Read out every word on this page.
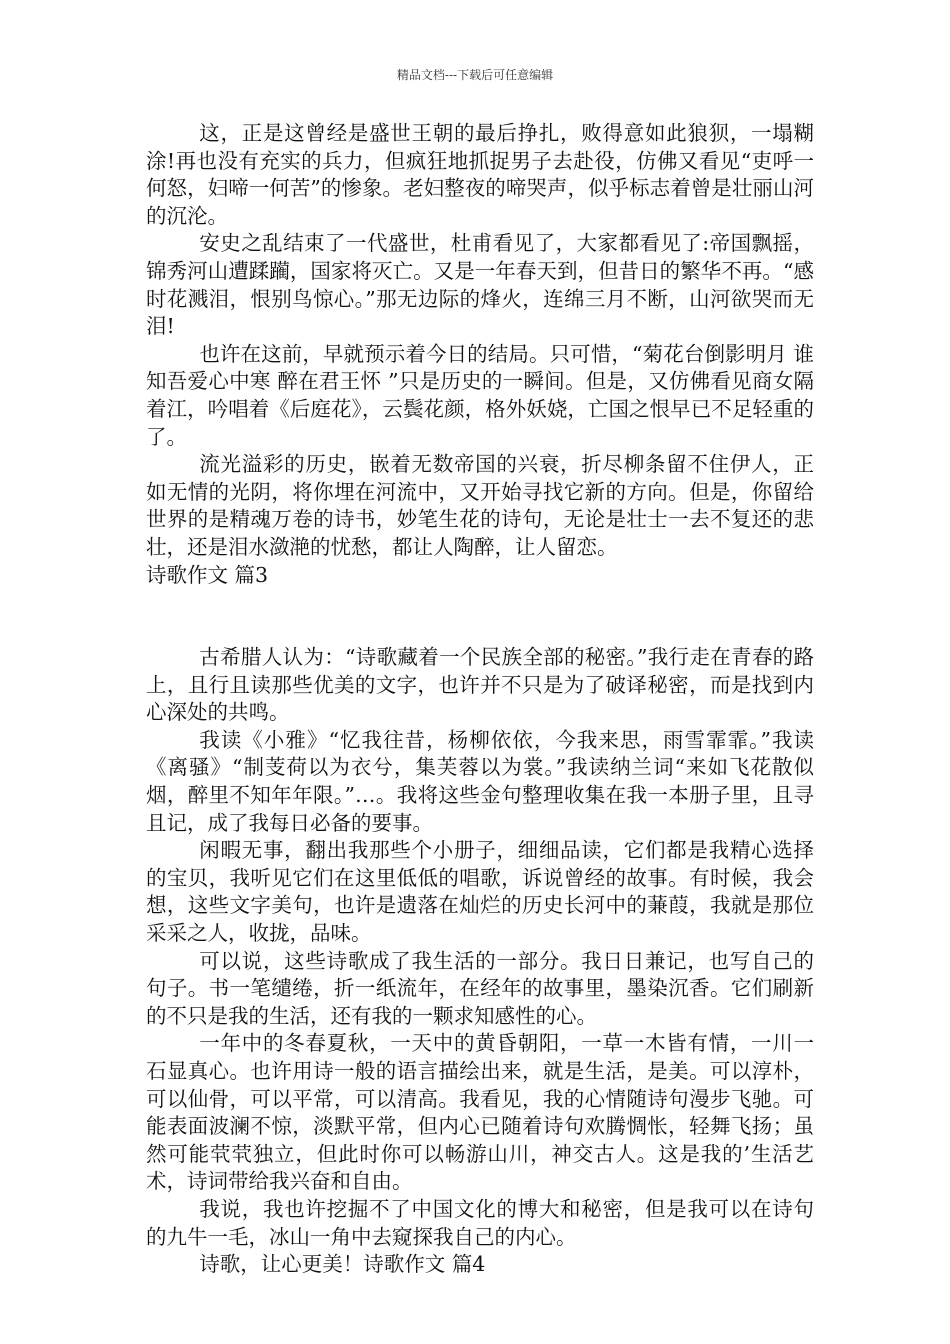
精品文档---下载后可任意编辑

这，正是这曾经是盛世王朝的最后挣扎，败得意如此狼狈，一塌糊涂!再也没有充实的兵力，但疯狂地抓捉男子去赴役，仿佛又看见“吏呼一何怒，妇啼一何苦”的惨象。老妇整夜的啼哭声，似乎标志着曾是壮丽山河的沉沦。

安史之乱结束了一代盛世，杜甫看见了，大家都看见了:帝国飘摇，锦秀河山遭蹂躏，国家将灭亡。又是一年春天到，但昔日的繁华不再。“感时花溅泪，恨别鸟惊心。”那无边际的烽火，连绵三月不断，山河欲哭而无泪!

也许在这前，早就预示着今日的结局。只可惜，“菊花台倒影明月 谁知吾爱心中寒 醉在君王怀 ”只是历史的一瞬间。但是，又仿佛看见商女隔着江，吟唱着《后庭花》，云鬓花颜，格外妖娆，亡国之恨早已不足轻重的了。

流光溢彩的历史，嵌着无数帝国的兴衰，折尽柳条留不住伊人，正如无情的光阴，将你埋在河流中，又开始寻找它新的方向。但是，你留给世界的是精魂万卷的诗书，妙笔生花的诗句，无论是壮士一去不复还的悲壮，还是泪水潋滟的忧愁，都让人陶醉，让人留恋。

诗歌作文 篇3

古希腊人认为：“诗歌藏着一个民族全部的秘密。”我行走在青春的路上，且行且读那些优美的文字，也许并不只是为了破译秘密，而是找到内心深处的共鸣。

我读《小雅》“忆我往昔，杨柳依依，今我来思，雨雪霏霏。”我读《离骚》“制芰荷以为衣兮，集芙蓉以为裳。”我读纳兰词“来如飞花散似烟，醉里不知年年限。”…。我将这些金句整理收集在我一本册子里，且寻且记，成了我每日必备的要事。

闲暇无事，翻出我那些个小册子，细细品读，它们都是我精心选择的宝贝，我听见它们在这里低低的唱歌，诉说曾经的故事。有时候，我会想，这些文字美句，也许是遗落在灿烂的历史长河中的蒹葭，我就是那位采采之人，收拢，品味。

可以说，这些诗歌成了我生活的一部分。我日日兼记，也写自己的句子。书一笔缱绻，折一纸流年，在经年的故事里，墨染沉香。它们刷新的不只是我的生活，还有我的一颗求知感性的心。

一年中的冬春夏秋，一天中的黄昏朝阳，一草一木皆有情，一川一石显真心。也许用诗一般的语言描绘出来，就是生活，是美。可以淳朴，可以仙骨，可以平常，可以清高。我看见，我的心情随诗句漫步飞驰。可能表面波澜不惊，淡默平常，但内心已随着诗句欢腾惆怅，轻舞飞扬；虽然可能茕茕独立，但此时你可以畅游山川，神交古人。这是我的’生活艺术，诗词带给我兴奋和自由。

我说，我也许挖掘不了中国文化的博大和秘密，但是我可以在诗句的九牛一毛，冰山一角中去窥探我自己的内心。

诗歌，让心更美！诗歌作文 篇4
